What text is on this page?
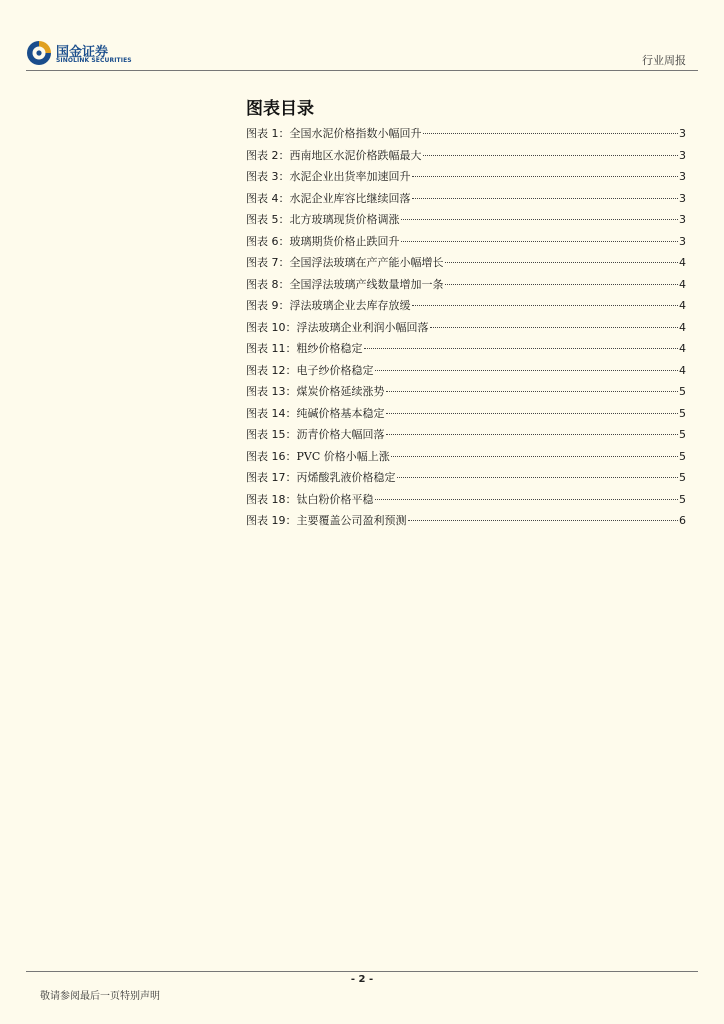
国金证券
SINOLINK SECURITIES	行业周报
图表目录
图表 1：全国水泥价格指数小幅回升	3
图表 2：西南地区水泥价格跌幅最大	3
图表 3：水泥企业出货率加速回升	3
图表 4：水泥企业库容比继续回落	3
图表 5：北方玻璃现货价格调涨	3
图表 6：玻璃期货价格止跌回升	3
图表 7：全国浮法玻璃在产产能小幅增长	4
图表 8：全国浮法玻璃产线数量增加一条	4
图表 9：浮法玻璃企业去库存放缓	4
图表 10：浮法玻璃企业利润小幅回落	4
图表 11：粗纱价格稳定	4
图表 12：电子纱价格稳定	4
图表 13：煤炭价格延续涨势	5
图表 14：纯碱价格基本稳定	5
图表 15：沥青价格大幅回落	5
图表 16：PVC 价格小幅上涨	5
图表 17：丙烯酸乳液价格稳定	5
图表 18：钛白粉价格平稳	5
图表 19：主要覆盖公司盈利预测	6
- 2 -
敬请参阅最后一页特别声明
